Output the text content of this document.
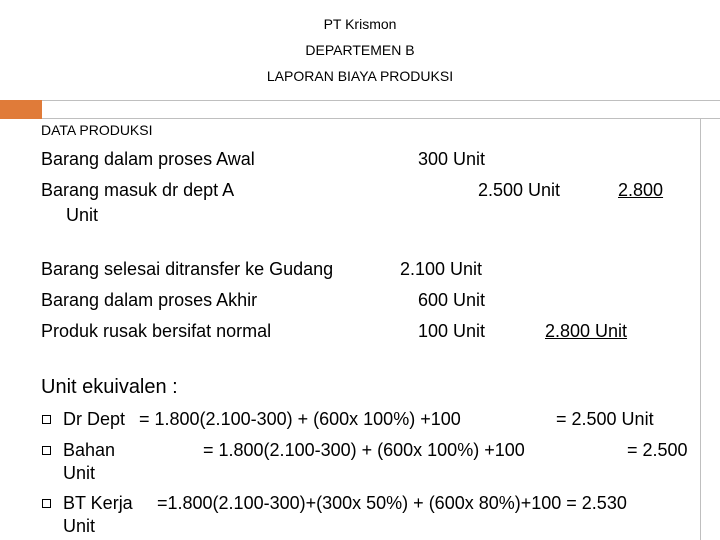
PT Krismon
DEPARTEMEN B
LAPORAN BIAYA PRODUKSI
DATA PRODUKSI
Barang dalam proses Awal	300 Unit
Barang masuk dr dept A	2.500 Unit	2.800
Unit
Barang selesai ditransfer ke Gudang	2.100 Unit
Barang dalam proses Akhir	600 Unit
Produk rusak bersifat normal	100 Unit	2.800 Unit
Unit ekuivalen :
Dr Dept = 1.800(2.100-300) + (600x 100%) +100	= 2.500 Unit
Bahan	= 1.800(2.100-300) + (600x 100%) +100	= 2.500
Unit
BT Kerja =1.800(2.100-300)+(300x 50%) + (600x 80%)+100 = 2.530
Unit
